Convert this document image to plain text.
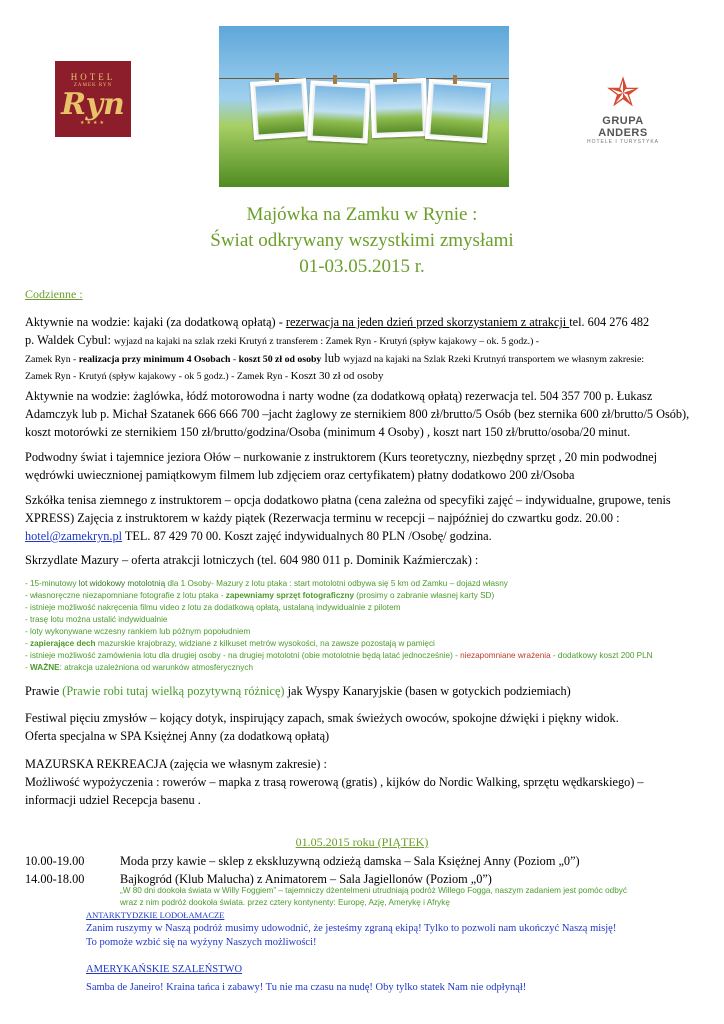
HOTEL
ZAMEK RYN
Ryn
★★★★
✯
GRUPA ANDERS
HOTELE I TURYSTYKA
Majówka na Zamku w Rynie :
Świat odkrywany wszystkimi zmysłami
01-03.05.2015 r.
Codzienne :
Aktywnie na wodzie: kajaki (za dodatkową opłatą) - rezerwacja na jeden dzień przed skorzystaniem z atrakcji tel. 604 276 482
p. Waldek Cybul: wyjazd na kajaki na szlak rzeki Krutyń z transferem : Zamek Ryn - Krutyń (spływ kajakowy – ok. 5 godz.) -
Zamek Ryn - realizacja przy minimum 4 Osobach - koszt 50 zł od osoby lub wyjazd na kajaki na Szlak Rzeki Krutnyń transportem we własnym zakresie:
Zamek Ryn - Krutyń (spływ kajakowy - ok 5 godz.) - Zamek Ryn - Koszt 30 zł od osoby
Aktywnie na wodzie: żaglówka, łódź motorowodna i narty wodne (za dodatkową opłatą) rezerwacja tel. 504 357 700 p. Łukasz
Adamczyk lub p. Michał Szatanek 666 666 700 –jacht żaglowy ze sternikiem 800 zł/brutto/5 Osób (bez sternika 600 zł/brutto/5 Osób),
koszt motorówki ze sternikiem 150 zł/brutto/godzina/Osoba (minimum 4 Osoby) , koszt nart 150 zł/brutto/osoba/20 minut.
Podwodny świat i tajemnice jeziora Ołów – nurkowanie z instruktorem (Kurs teoretyczny, niezbędny sprzęt , 20 min podwodnej
wędrówki uwiecznionej pamiątkowym filmem lub zdjęciem oraz certyfikatem) płatny dodatkowo 200 zł/Osoba
Szkółka tenisa ziemnego z instruktorem – opcja dodatkowo płatna (cena zależna od specyfiki zajęć – indywidualne, grupowe, tenis
XPRESS) Zajęcia z instruktorem w każdy piątek (Rezerwacja terminu w recepcji – najpóźniej do czwartku godz. 20.00 :
hotel@zamekryn.pl TEL. 87 429 70 00. Koszt zajęć indywidualnych 80 PLN /Osobę/ godzina.
Skrzydlate Mazury – oferta atrakcji lotniczych (tel. 604 980 011 p. Dominik Kaźmierczak) :
- 15-minutowy lot widokowy motolotnią dla 1 Osoby- Mazury z lotu ptaka : start motolotni odbywa się 5 km od Zamku – dojazd własny
- własnoręczne niezapomniane fotografie z lotu ptaka - zapewniamy sprzęt fotograficzny (prosimy o zabranie własnej karty SD)
- istnieje możliwość nakręcenia filmu video z lotu za dodatkową opłatą, ustalaną indywidualnie z pilotem
- trasę lotu można ustalić indywidualnie
- loty wykonywane wczesny rankiem lub późnym popołudniem
- zapierające dech mazurskie krajobrazy, widziane z kilkuset metrów wysokości, na zawsze pozostają w pamięci
- istnieje możliwość zamówienia lotu dla drugiej osoby - na drugiej motolotni (obie motolotnie będą latać jednocześnie) - niezapomniane wrażenia - dodatkowy koszt 200 PLN
- WAŻNE: atrakcja uzależniona od warunków atmosferycznych
Prawie (Prawie robi tutaj wielką pozytywną różnicę) jak Wyspy Kanaryjskie (basen w gotyckich podziemiach)
Festiwal pięciu zmysłów – kojący dotyk, inspirujący zapach, smak świeżych owoców, spokojne dźwięki i piękny widok.
Oferta specjalna w SPA Księżnej Anny (za dodatkową opłatą)
MAZURSKA REKREACJA (zajęcia we własnym zakresie) :
Możliwość wypożyczenia : rowerów – mapka z trasą rowerową (gratis) , kijków do Nordic Walking, sprzętu wędkarskiego) –
informacji udziel Recepcja basenu .
01.05.2015 roku (PIĄTEK)
10.00-19.00	Moda przy kawie – sklep z ekskluzywną odzieżą damska – Sala Księżnej Anny (Poziom „0”)
14.00-18.00	Bajkogród (Klub Malucha) z Animatorem – Sala Jagiellonów (Poziom „0”)
„W 80 dni dookoła świata w Willy Foggiem” – tajemniczy dżentelmeni utrudniają podróż Willego Fogga, naszym zadaniem jest pomóc odbyć
wraz z nim podróż dookoła świata. przez cztery kontynenty: Europę, Azję, Amerykę i Afrykę
ANTARKTYDZKIE LODOŁAMACZE
Zanim ruszymy w Naszą podróż musimy udowodnić, że jesteśmy zgraną ekipą! Tylko to pozwoli nam ukończyć Naszą misję!
To pomoże wzbić się na wyżyny Naszych możliwości!
AMERYKAŃSKIE SZALEŃSTWO
Samba de Janeiro! Kraina tańca i zabawy! Tu nie ma czasu na nudę! Oby tylko statek Nam nie odpłynął!
